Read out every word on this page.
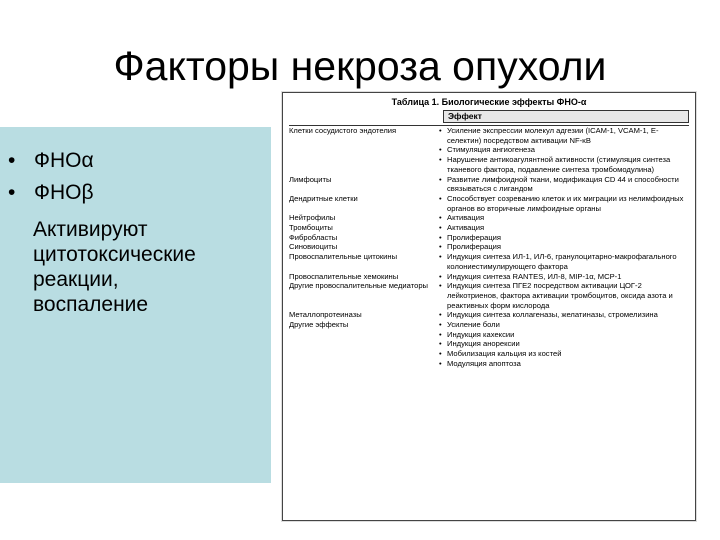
Факторы некроза опухоли
• ФНОα
• ФНОβ
Активируют
цитотоксические
реакции,
воспаление
Таблица 1. Биологические эффекты ФНО-α
Эффект
Клетки сосудистого эндотелия	• Усиление экспрессии молекул адгезии (ICAM-1, VCAM-1, E-селектин) посредством активации NF-κB
• Стимуляция ангиогенеза
• Нарушение антикоагулянтной активности (стимуляция синтеза тканевого фактора, подавление синтеза тромбомодулина)
Лимфоциты	• Развитие лимфоидной ткани, модификация CD 44 и способности связываться с лигандом
Дендритные клетки	• Способствует созреванию клеток и их миграции из нелимфоидных органов во вторичные лимфоидные органы
Нейтрофилы	• Активация
Тромбоциты	• Активация
Фибробласты	• Пролиферация
Синовиоциты	• Пролиферация
Провоспалительные цитокины	• Индукция синтеза ИЛ-1, ИЛ-6, гранулоцитарно-макрофагального колониестимулирующего фактора
Провоспалительные хемокины	• Индукция синтеза RANTES, ИЛ-8, MIP-1α, MCP-1
Другие провоспалительные медиаторы	• Индукция синтеза ПГЕ2 посредством активации ЦОГ-2 лейкотриенов, фактора активации тромбоцитов, оксида азота и реактивных форм кислорода
Металлопротеиназы	• Индукция синтеза коллагеназы, желатиназы, стромелизина
Другие эффекты	• Усиление боли
• Индукция кахексии
• Индукция анорексии
• Мобилизация кальция из костей
• Модуляция апоптоза
